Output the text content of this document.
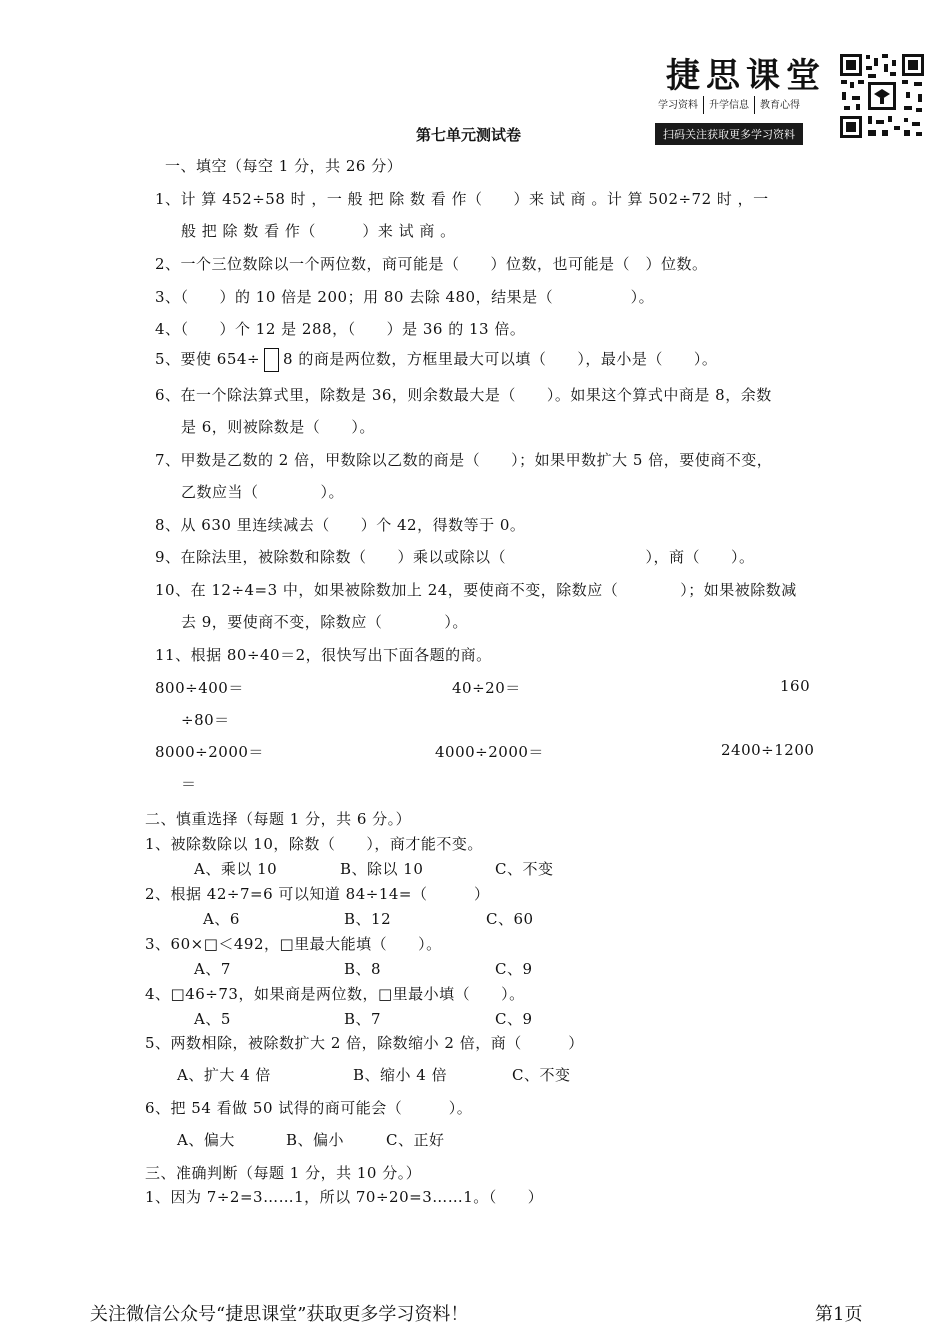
捷思课堂
学习资料 升学信息 教育心得
扫码关注获取更多学习资料
第七单元测试卷
一、填空（每空 1 分，共 26 分）
1、计 算 452÷58 时 ，一 般 把 除 数 看 作（　　）来 试 商 。计 算 502÷72 时 ，一
般 把 除 数 看 作（　　　）来 试 商 。
2、一个三位数除以一个两位数，商可能是（　　）位数，也可能是（　）位数。
3、（　　）的 10 倍是 200；用 80 去除 480，结果是（　　　　　）。
4、（　　）个 12 是 288，（　　）是 36 的 13 倍。
5、要使 654÷ 8 的商是两位数，方框里最大可以填（　　），最小是（　　）。
6、在一个除法算式里，除数是 36，则余数最大是（　　）。如果这个算式中商是 8，余数
是 6，则被除数是（　　）。
7、甲数是乙数的 2 倍，甲数除以乙数的商是（　　）；如果甲数扩大 5 倍，要使商不变，
乙数应当（　　　　）。
8、从 630 里连续减去（　　）个 42，得数等于 0。
9、在除法里，被除数和除数（　　）乘以或除以（　　　　　　　　　），商（　　）。
10、在 12÷4=3 中，如果被除数加上 24，要使商不变，除数应（　　　　）；如果被除数减
去 9，要使商不变，除数应（　　　　）。
11、根据 80÷40＝2，很快写出下面各题的商。
800÷400＝	40÷20＝	160
÷80＝
8000÷2000＝	4000÷2000＝	2400÷1200
＝
二、慎重选择（每题 1 分，共 6 分。）
1、被除数除以 10，除数（　　），商才能不变。
A、乘以 10	B、除以 10	C、不变
2、根据 42÷7=6 可以知道 84÷14=（　　　）
A、6	B、12	C、60
3、60×□＜492，□里最大能填（　　）。
A、7	B、8	C、9
4、□46÷73，如果商是两位数，□里最小填（　　）。
A、5	B、7	C、9
5、两数相除，被除数扩大 2 倍，除数缩小 2 倍，商（　　　）
A、扩大 4 倍	B、缩小 4 倍	C、不变
6、把 54 看做 50 试得的商可能会（　　　）。
A、偏大	B、偏小	C、正好
三、准确判断（每题 1 分，共 10 分。）
1、因为 7÷2=3……1，所以 70÷20=3……1。（　　）
关注微信公众号“捷思课堂”获取更多学习资料！	第1页
